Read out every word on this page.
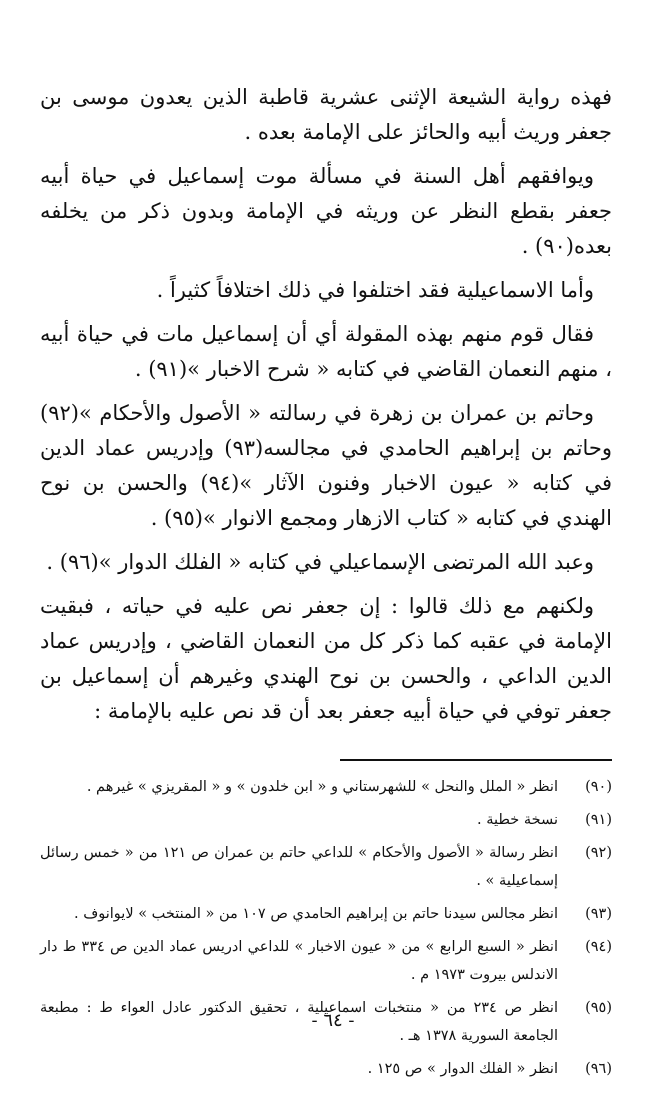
فهذه رواية الشيعة الإثنى عشرية قاطبة الذين يعدون موسى بن جعفر وريث أبيه والحائز على الإمامة بعده .

ويوافقهم أهل السنة في مسألة موت إسماعيل في حياة أبيه جعفر بقطع النظر عن وريثه في الإمامة وبدون ذكر من يخلفه بعده(٩٠) .

وأما الاسماعيلية فقد اختلفوا في ذلك اختلافاً كثيراً .

فقال قوم منهم بهذه المقولة أي أن إسماعيل مات في حياة أبيه ، منهم النعمان القاضي في كتابه « شرح الاخبار »(٩١) .

وحاتم بن عمران بن زهرة في رسالته « الأصول والأحكام »(٩٢) وحاتم بن إبراهيم الحامدي في مجالسه(٩٣) وإدريس عماد الدين في كتابه « عيون الاخبار وفنون الآثار »(٩٤) والحسن بن نوح الهندي في كتابه « كتاب الازهار ومجمع الانوار »(٩٥) .

وعبد الله المرتضى الإسماعيلي في كتابه « الفلك الدوار »(٩٦) .

ولكنهم مع ذلك قالوا : إن جعفر نص عليه في حياته ، فبقيت الإمامة في عقبه كما ذكر كل من النعمان القاضي ، وإدريس عماد الدين الداعي ، والحسن بن نوح الهندي وغيرهم أن إسماعيل بن جعفر توفي في حياة أبيه جعفر بعد أن قد نص عليه بالإمامة :

(٩٠)
انظر « الملل والنحل » للشهرستاني و « ابن خلدون » و « المقريزي » غيرهم .
(٩١)
نسخة خطية .
(٩٢)
انظر رسالة « الأصول والأحكام » للداعي حاتم بن عمران ص ١٢١ من « خمس رسائل إسماعيلية » .
(٩٣)
انظر مجالس سيدنا حاتم بن إبراهيم الحامدي ص ١٠٧ من « المنتخب » لايوانوف .
(٩٤)
انظر « السبع الرابع » من « عيون الاخبار » للداعي ادريس عماد الدين ص ٣٣٤ ط دار الاندلس بيروت ١٩٧٣ م .
(٩٥)
انظر ص ٢٣٤ من « منتخبات اسماعيلية ، تحقيق الدكتور عادل العواء ط : مطبعة الجامعة السورية ١٣٧٨ هـ .
(٩٦)
انظر « الفلك الدوار » ص ١٢٥ .
- ٦٤ -
